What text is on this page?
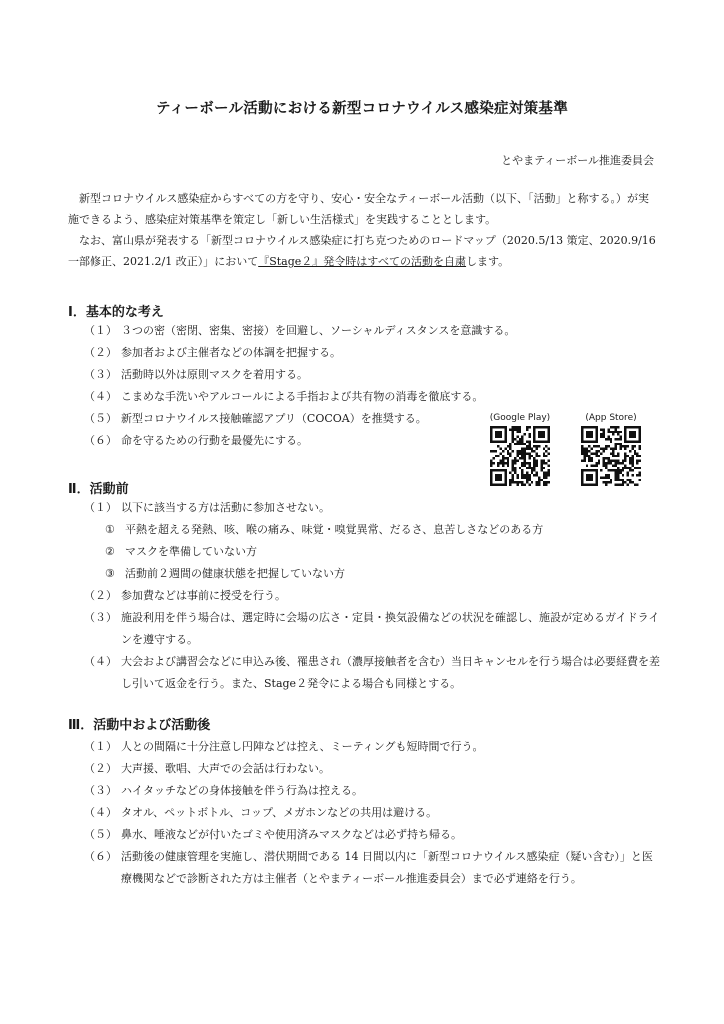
ティーボール活動における新型コロナウイルス感染症対策基準
とやまティーボール推進委員会

新型コロナウイルス感染症からすべての方を守り、安心・安全なティーボール活動（以下、「活動」と称する。）が実施できるよう、感染症対策基準を策定し「新しい生活様式」を実践することとします。

なお、富山県が発表する「新型コロナウイルス感染症に打ち克つためのロードマップ（2020.5/13 策定、2020.9/16 一部修正、2021.2/1 改正）」において『Stage２』発令時はすべての活動を自粛します。

Ⅰ．基本的な考え
（１） ３つの密（密閉、密集、密接）を回避し、ソーシャルディスタンスを意識する。
（２） 参加者および主催者などの体調を把握する。
（３） 活動時以外は原則マスクを着用する。
（４） こまめな手洗いやアルコールによる手指および共有物の消毒を徹底する。
（５） 新型コロナウイルス接触確認アプリ（COCOA）を推奨する。
（６） 命を守るための行動を最優先にする。
(Google Play)	(App Store)
Ⅱ．活動前
（１） 以下に該当する方は活動に参加させない。
① 平熱を超える発熱、咳、喉の痛み、味覚・嗅覚異常、だるさ、息苦しさなどのある方
② マスクを準備していない方
③ 活動前２週間の健康状態を把握していない方
（２） 参加費などは事前に授受を行う。
（３） 施設利用を伴う場合は、選定時に会場の広さ・定員・換気設備などの状況を確認し、施設が定めるガイドラインを遵守する。
（４） 大会および講習会などに申込み後、罹患され（濃厚接触者を含む）当日キャンセルを行う場合は必要経費を差し引いて返金を行う。また、Stage２発令による場合も同様とする。
Ⅲ．活動中および活動後
（１） 人との間隔に十分注意し円陣などは控え、ミーティングも短時間で行う。
（２） 大声援、歌唱、大声での会話は行わない。
（３） ハイタッチなどの身体接触を伴う行為は控える。
（４） タオル、ペットボトル、コップ、メガホンなどの共用は避ける。
（５） 鼻水、唾液などが付いたゴミや使用済みマスクなどは必ず持ち帰る。
（６） 活動後の健康管理を実施し、潜伏期間である 14 日間以内に「新型コロナウイルス感染症（疑い含む）」と医療機関などで診断された方は主催者（とやまティーボール推進委員会）まで必ず連絡を行う。
